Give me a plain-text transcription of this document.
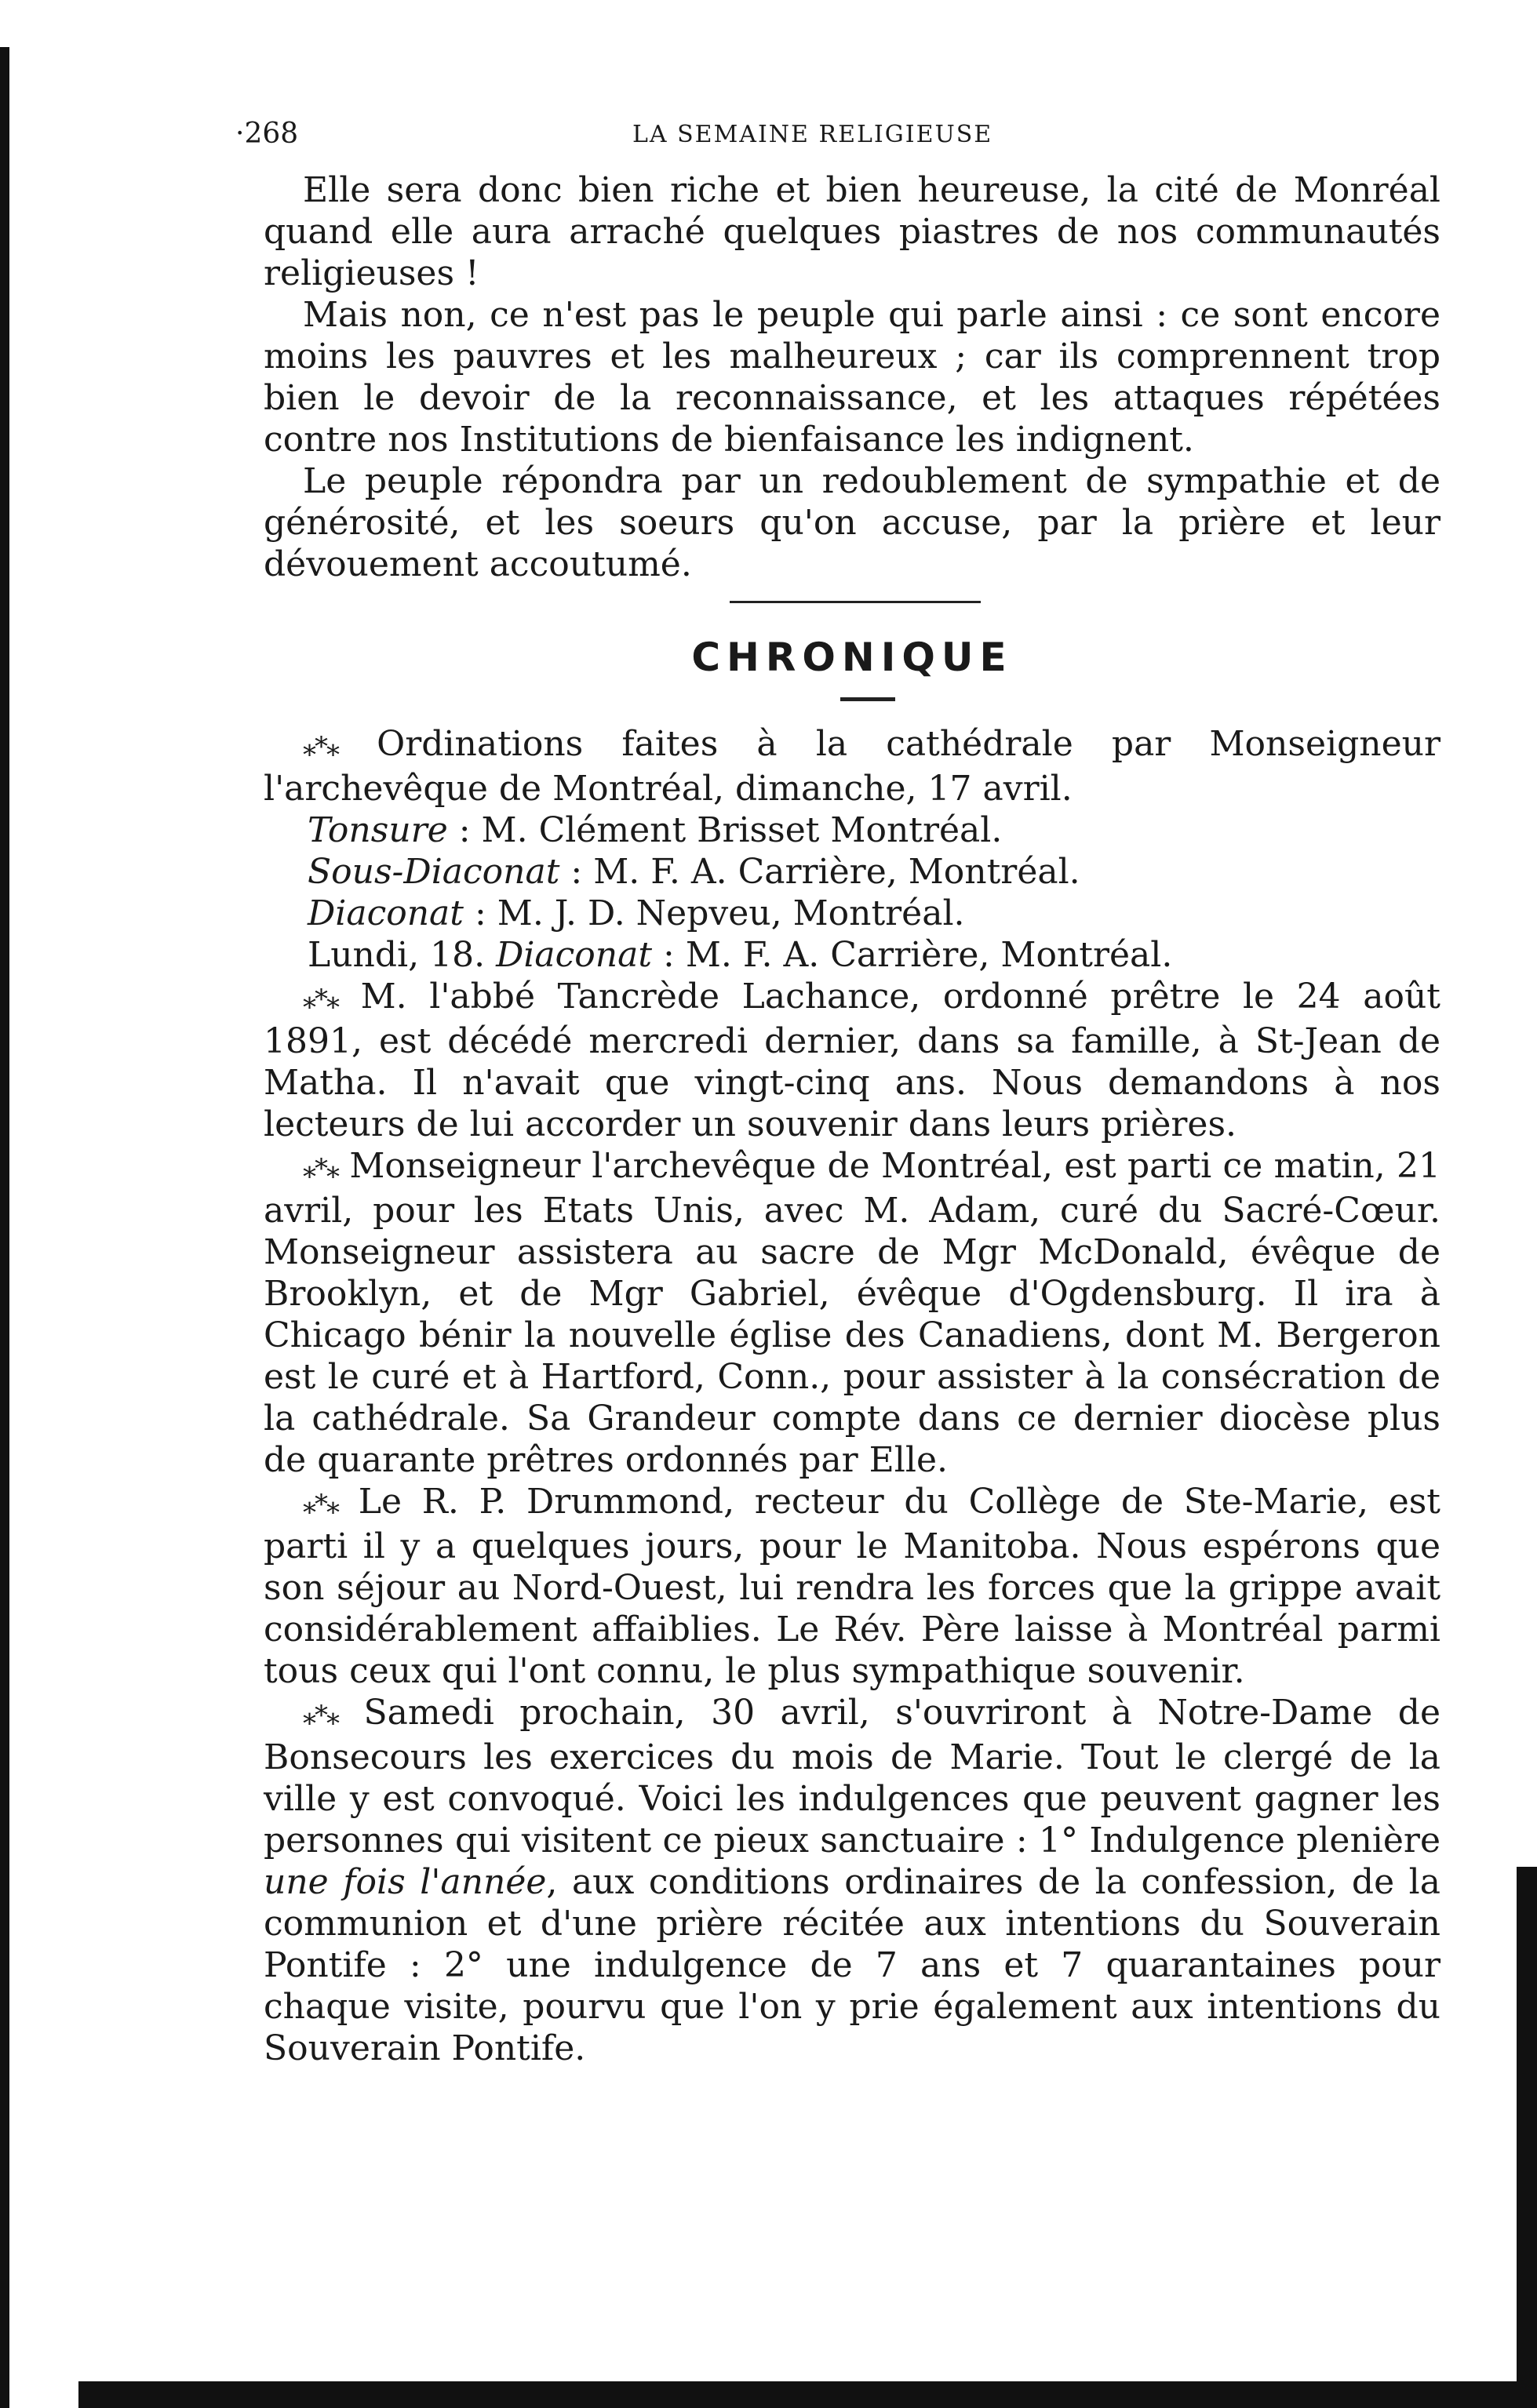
·268	LA SEMAINE RELIGIEUSE

Elle sera donc bien riche et bien heureuse, la cité de Monréal quand elle aura arraché quelques piastres de nos communautés religieuses !

Mais non, ce n'est pas le peuple qui parle ainsi : ce sont encore moins les pauvres et les malheureux ; car ils comprennent trop bien le devoir de la reconnaissance, et les attaques répétées contre nos Institutions de bienfaisance les indignent.

Le peuple répondra par un redoublement de sympathie et de générosité, et les soeurs qu'on accuse, par la prière et leur dévouement accoutumé.

CHRONIQUE

⁎*⁎ Ordinations faites à la cathédrale par Monseigneur l'archevêque de Montréal, dimanche, 17 avril.

Tonsure : M. Clément Brisset Montréal.

Sous-Diaconat : M. F. A. Carrière, Montréal.

Diaconat : M. J. D. Nepveu, Montréal.

Lundi, 18. Diaconat : M. F. A. Carrière, Montréal.

⁎*⁎ M. l'abbé Tancrède Lachance, ordonné prêtre le 24 août 1891, est décédé mercredi dernier, dans sa famille, à St-Jean de Matha. Il n'avait que vingt-cinq ans. Nous demandons à nos lecteurs de lui accorder un souvenir dans leurs prières.

⁎*⁎ Monseigneur l'archevêque de Montréal, est parti ce matin, 21 avril, pour les Etats Unis, avec M. Adam, curé du Sacré-Cœur. Monseigneur assistera au sacre de Mgr McDonald, évêque de Brooklyn, et de Mgr Gabriel, évêque d'Ogdensburg. Il ira à Chicago bénir la nouvelle église des Canadiens, dont M. Bergeron est le curé et à Hartford, Conn., pour assister à la consécration de la cathédrale. Sa Grandeur compte dans ce dernier diocèse plus de quarante prêtres ordonnés par Elle.

⁎*⁎ Le R. P. Drummond, recteur du Collège de Ste-Marie, est parti il y a quelques jours, pour le Manitoba. Nous espérons que son séjour au Nord-Ouest, lui rendra les forces que la grippe avait considérablement affaiblies. Le Rév. Père laisse à Montréal parmi tous ceux qui l'ont connu, le plus sympathique souvenir.

⁎*⁎ Samedi prochain, 30 avril, s'ouvriront à Notre-Dame de Bonsecours les exercices du mois de Marie. Tout le clergé de la ville y est convoqué. Voici les indulgences que peuvent gagner les personnes qui visitent ce pieux sanctuaire : 1° Indulgence plenière une fois l'année, aux conditions ordinaires de la confession, de la communion et d'une prière récitée aux intentions du Souverain Pontife : 2° une indulgence de 7 ans et 7 quarantaines pour chaque visite, pourvu que l'on y prie également aux intentions du Souverain Pontife.
